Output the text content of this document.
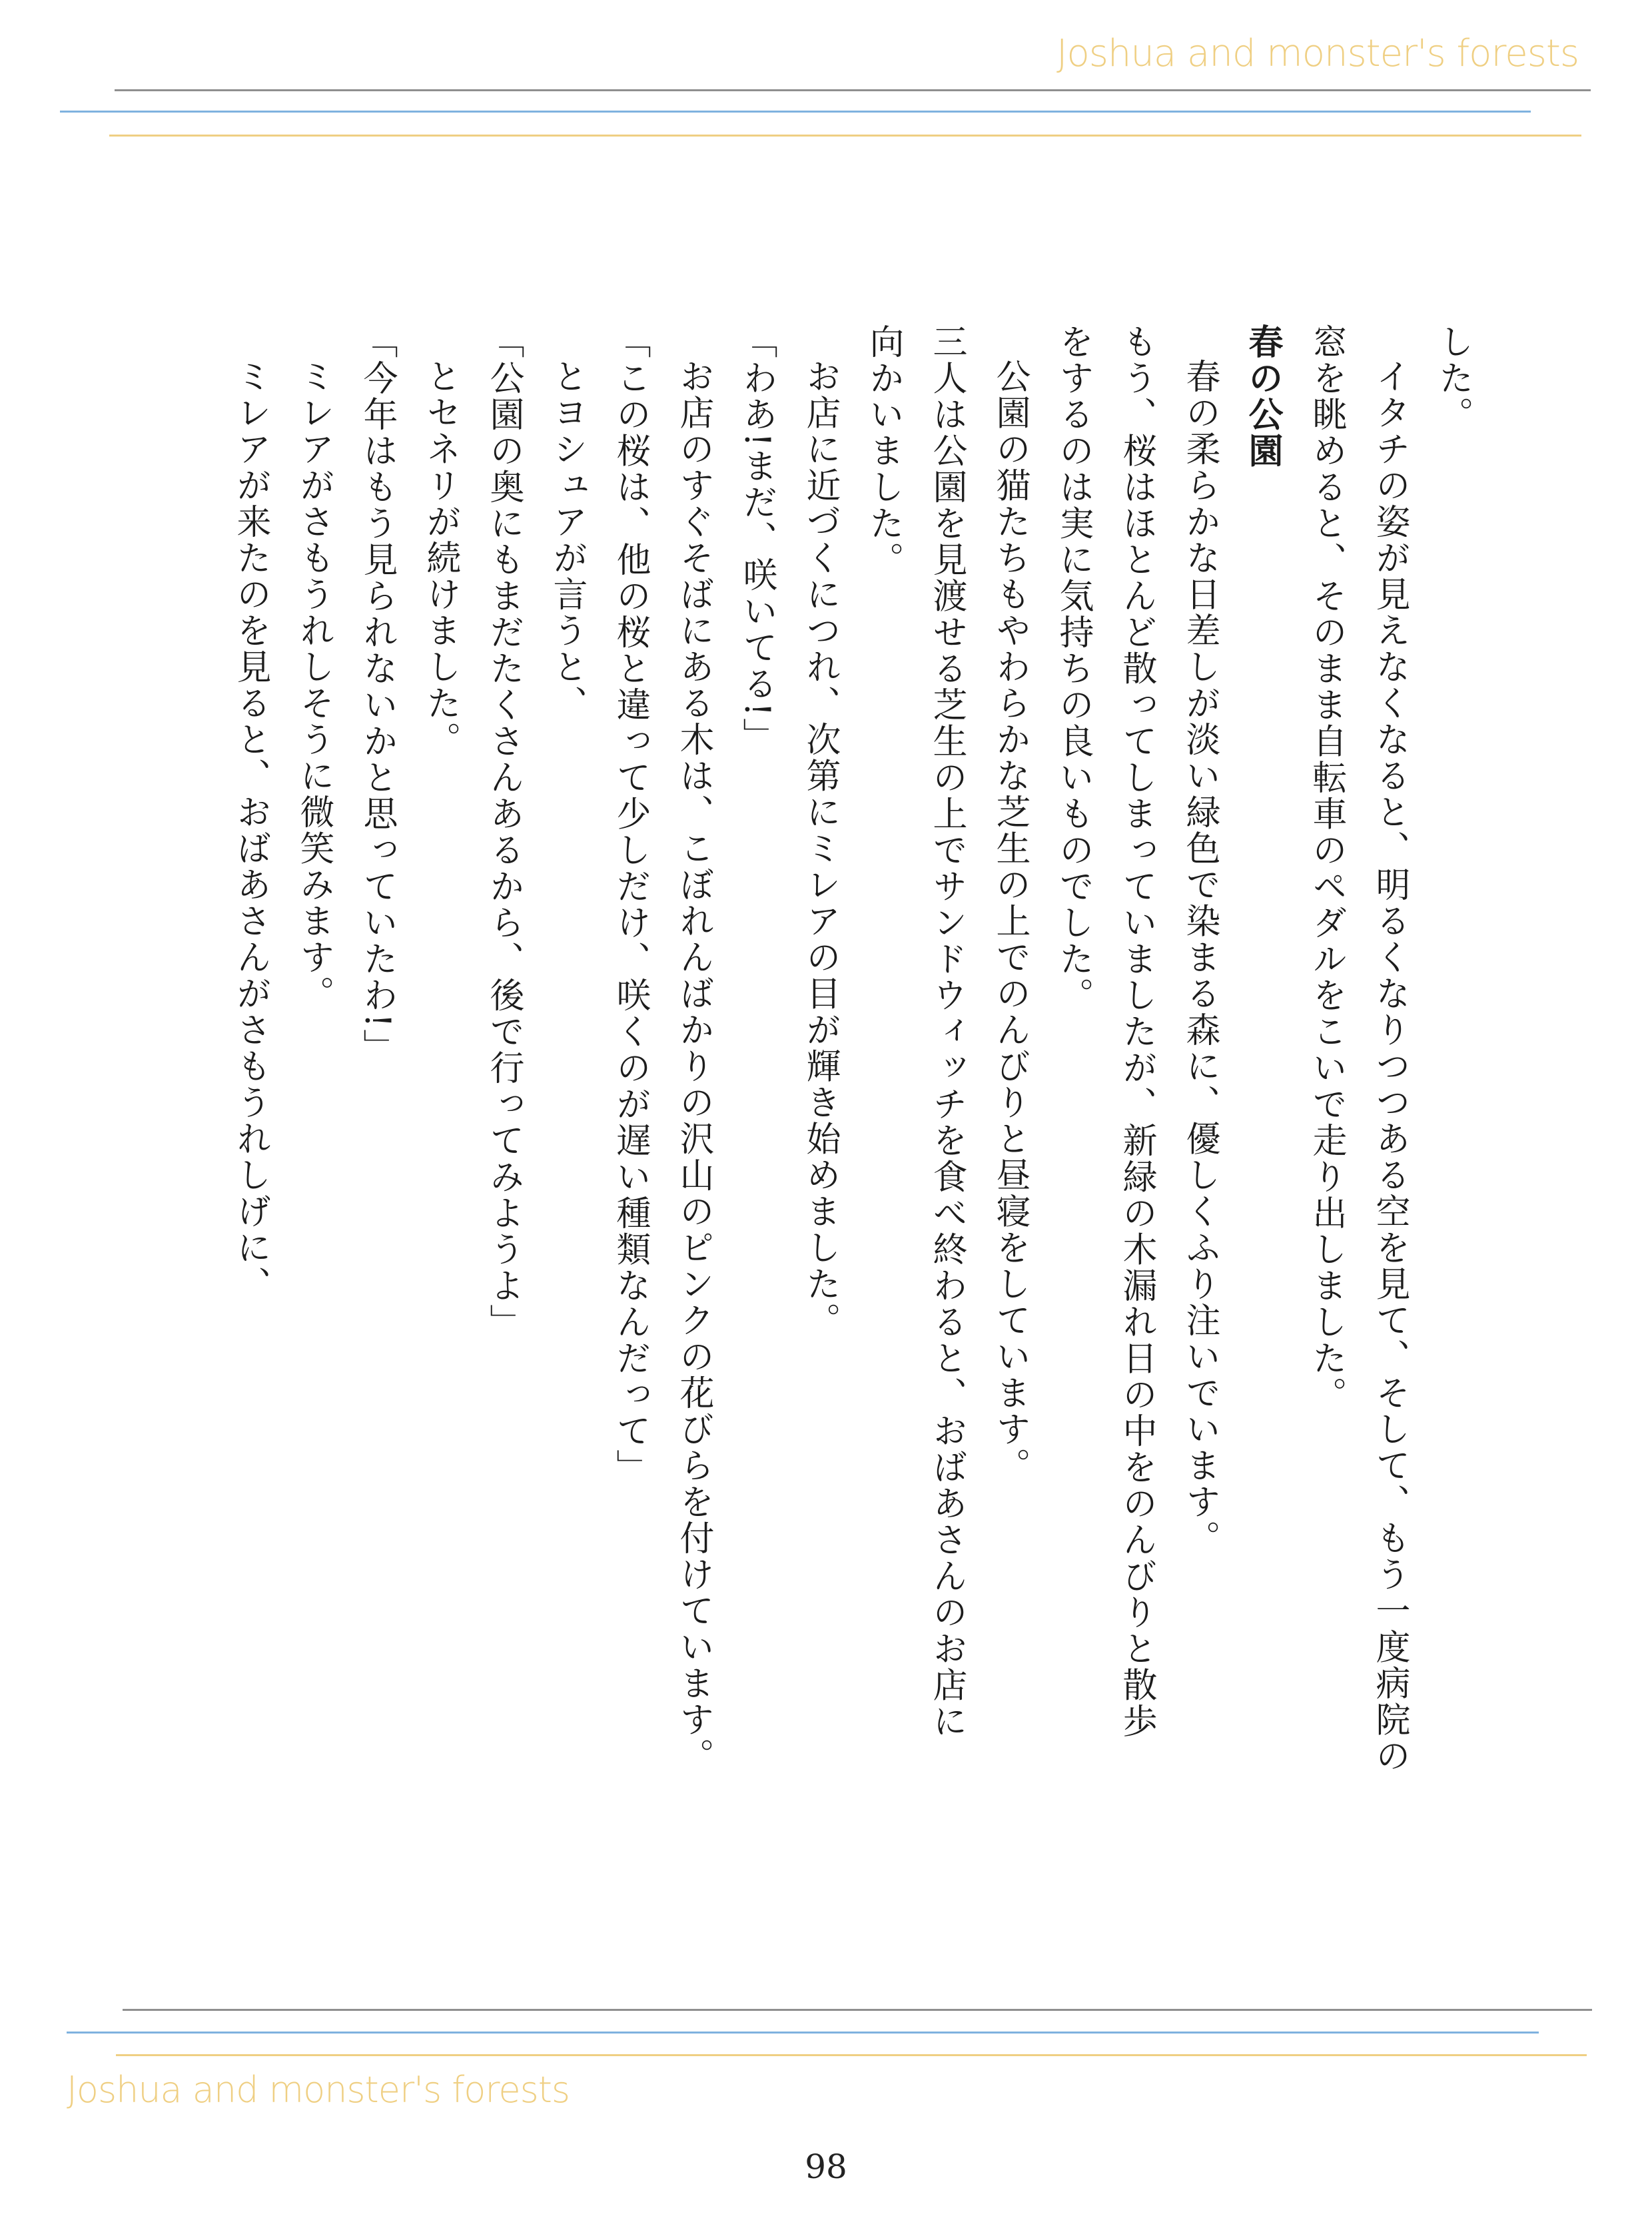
Joshua and monster's forests

した。

イタチの姿が見えなくなると、明るくなりつつある空を見て、そして、もう一度病院の

窓を眺めると、そのまま自転車のペダルをこいで走り出しました。

春の公園

春の柔らかな日差しが淡い緑色で染まる森に、優しくふり注いでいます。

もう、桜はほとんど散ってしまっていましたが、新緑の木漏れ日の中をのんびりと散歩

をするのは実に気持ちの良いものでした。

公園の猫たちもやわらかな芝生の上でのんびりと昼寝をしています。

三人は公園を見渡せる芝生の上でサンドウィッチを食べ終わると、おばあさんのお店に

向かいました。

お店に近づくにつれ、次第にミレアの目が輝き始めました。

「わあ!まだ、咲いてる!」

お店のすぐそばにある木は、こぼれんばかりの沢山のピンクの花びらを付けています。

「この桜は、他の桜と違って少しだけ、咲くのが遅い種類なんだって」

とヨシュアが言うと、

「公園の奥にもまだたくさんあるから、後で行ってみようよ」

とセネリが続けました。

「今年はもう見られないかと思っていたわ!」

ミレアがさもうれしそうに微笑みます。

ミレアが来たのを見ると、おばあさんがさもうれしげに、

Joshua and monster's forests
98
